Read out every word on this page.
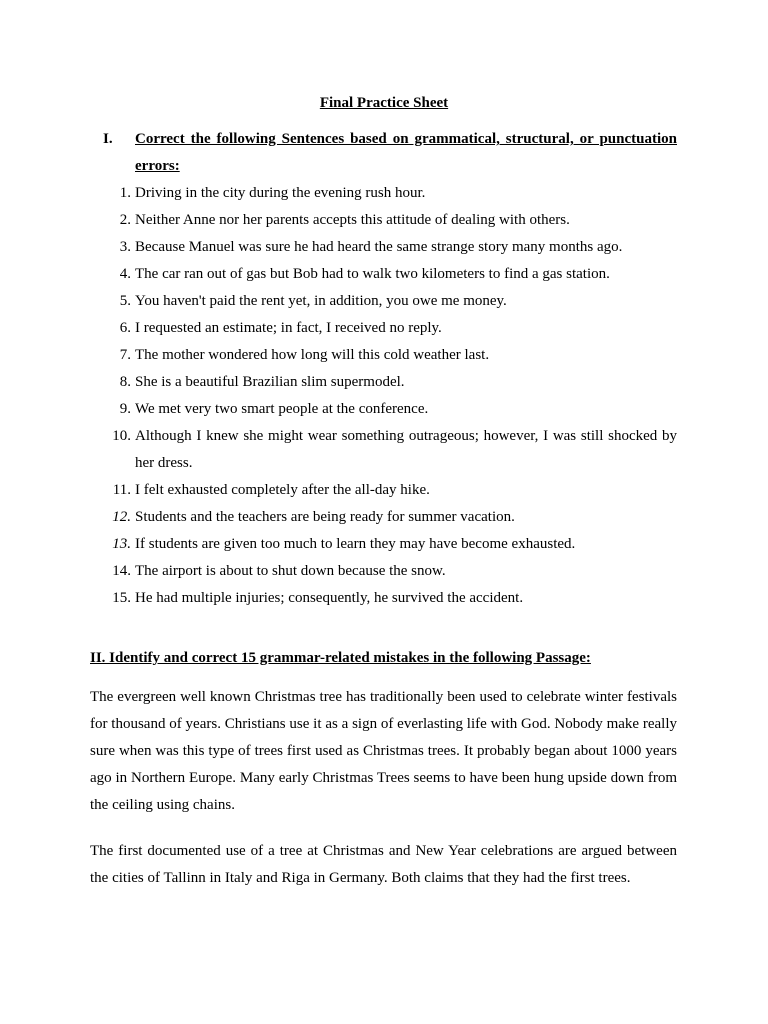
Final Practice Sheet
I.	Correct the following Sentences based on grammatical, structural, or punctuation errors:
1. Driving in the city during the evening rush hour.
2. Neither Anne nor her parents accepts this attitude of dealing with others.
3. Because Manuel was sure he had heard the same strange story many months ago.
4. The car ran out of gas but Bob had to walk two kilometers to find a gas station.
5. You haven't paid the rent yet, in addition, you owe me money.
6. I requested an estimate; in fact, I received no reply.
7. The mother wondered how long will this cold weather last.
8. She is a beautiful Brazilian slim supermodel.
9. We met very two smart people at the conference.
10. Although I knew she might wear something outrageous; however, I was still shocked by her dress.
11. I felt exhausted completely after the all-day hike.
12. Students and the teachers are being ready for summer vacation.
13. If students are given too much to learn they may have become exhausted.
14. The airport is about to shut down because the snow.
15. He had multiple injuries; consequently, he survived the accident.
II. Identify and correct 15 grammar-related mistakes in the following Passage:

The evergreen well known Christmas tree has traditionally been used to celebrate winter festivals for thousand of years. Christians use it as a sign of everlasting life with God. Nobody make really sure when was this type of trees first used as Christmas trees. It probably began about 1000 years ago in Northern Europe. Many early Christmas Trees seems to have been hung upside down from the ceiling using chains.

The first documented use of a tree at Christmas and New Year celebrations are argued between the cities of Tallinn in Italy and Riga in Germany. Both claims that they had the first trees.
